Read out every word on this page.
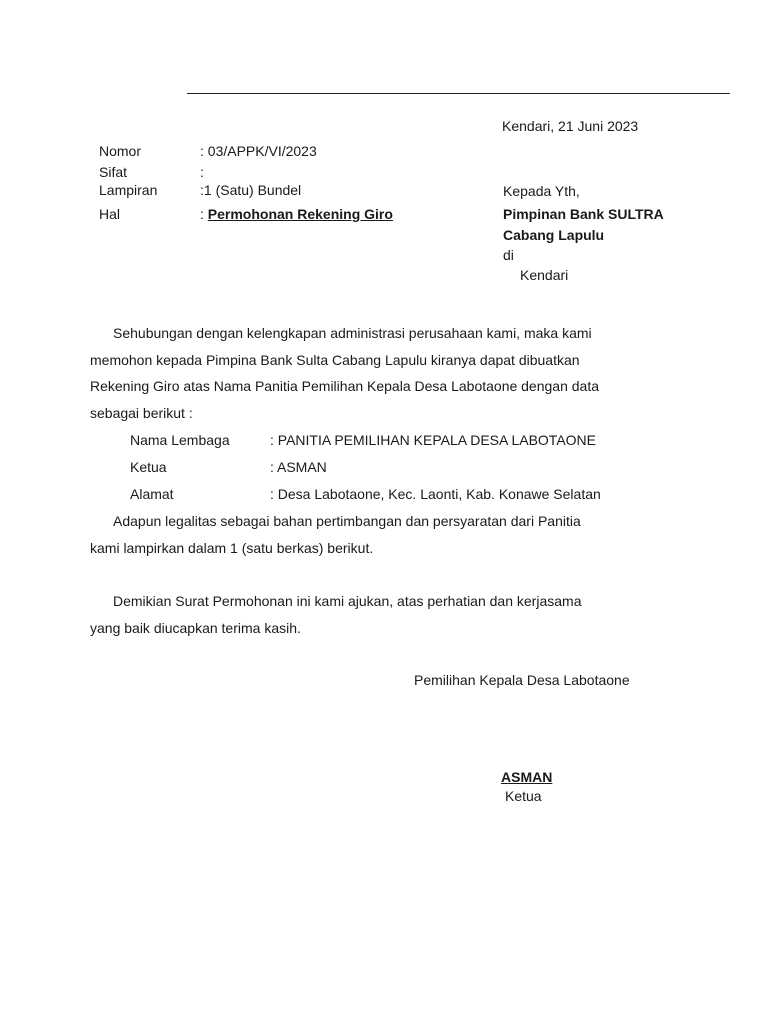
Kendari, 21 Juni 2023
Nomor	: 03/APPK/VI/2023
Sifat	:
Lampiran	:1 (Satu) Bundel
Hal	: Permohonan Rekening Giro
Kepada Yth,
Pimpinan Bank SULTRA
Cabang Lapulu
di
Kendari
Sehubungan dengan kelengkapan administrasi perusahaan kami, maka kami
memohon kepada Pimpina Bank Sulta Cabang Lapulu kiranya dapat dibuatkan
Rekening Giro atas Nama Panitia Pemilihan Kepala Desa Labotaone dengan data
sebagai berikut :
Nama Lembaga	: PANITIA PEMILIHAN KEPALA DESA LABOTAONE
Ketua	: ASMAN
Alamat	: Desa Labotaone, Kec. Laonti, Kab. Konawe Selatan
Adapun legalitas sebagai bahan pertimbangan dan persyaratan dari Panitia
kami lampirkan dalam 1 (satu berkas) berikut.
Demikian Surat Permohonan ini kami ajukan, atas perhatian dan kerjasama
yang baik diucapkan terima kasih.
Pemilihan Kepala Desa Labotaone
ASMAN
Ketua
